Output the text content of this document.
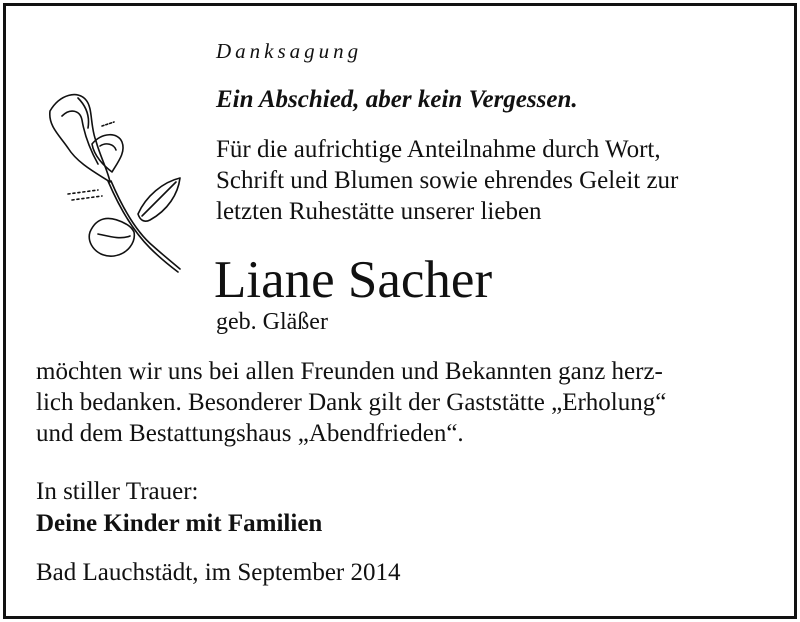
Danksagung

Ein Abschied, aber kein Vergessen.

Für die aufrichtige Anteilnahme durch Wort,
Schrift und Blumen sowie ehrendes Geleit zur
letzten Ruhestätte unserer lieben

Liane Sacher

geb. Gläßer

möchten wir uns bei allen Freunden und Bekannten ganz herz-
lich bedanken. Besonderer Dank gilt der Gaststätte „Erholung“
und dem Bestattungshaus „Abendfrieden“.

In stiller Trauer:

Deine Kinder mit Familien

Bad Lauchstädt, im September 2014
